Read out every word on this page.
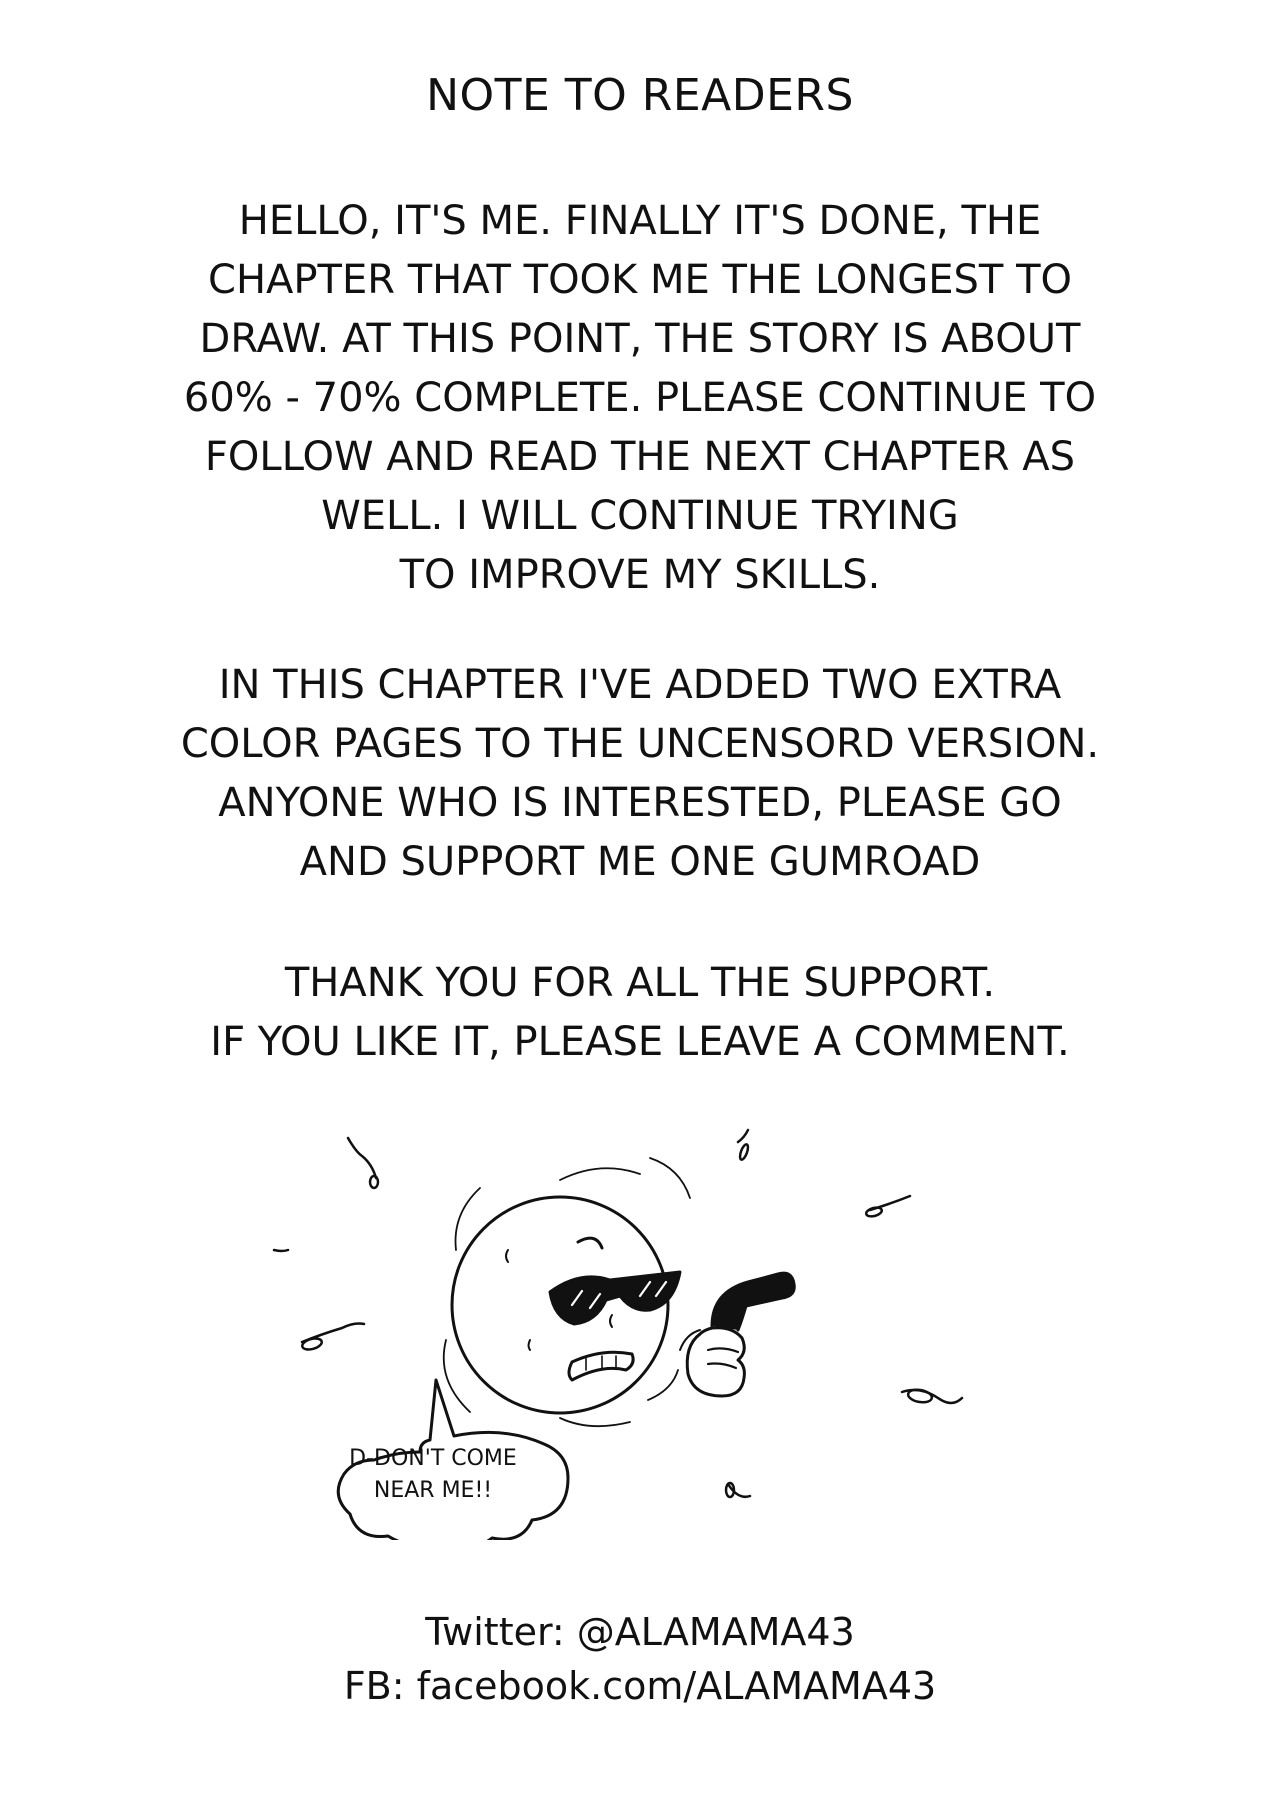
NOTE TO READERS
HELLO, IT'S ME. FINALLY IT'S DONE, THE
CHAPTER THAT TOOK ME THE LONGEST TO
DRAW. AT THIS POINT, THE STORY IS ABOUT
60% - 70% COMPLETE. PLEASE CONTINUE TO
FOLLOW AND READ THE NEXT CHAPTER AS
WELL. I WILL CONTINUE TRYING
TO IMPROVE MY SKILLS.
IN THIS CHAPTER I'VE ADDED TWO EXTRA
COLOR PAGES TO THE UNCENSORD VERSION.
ANYONE WHO IS INTERESTED, PLEASE GO
AND SUPPORT ME ONE GUMROAD
THANK YOU FOR ALL THE SUPPORT.
IF YOU LIKE IT, PLEASE LEAVE A COMMENT.
D-DON'T COME
NEAR ME!!
Twitter: @ALAMAMA43
FB: facebook.com/ALAMAMA43
